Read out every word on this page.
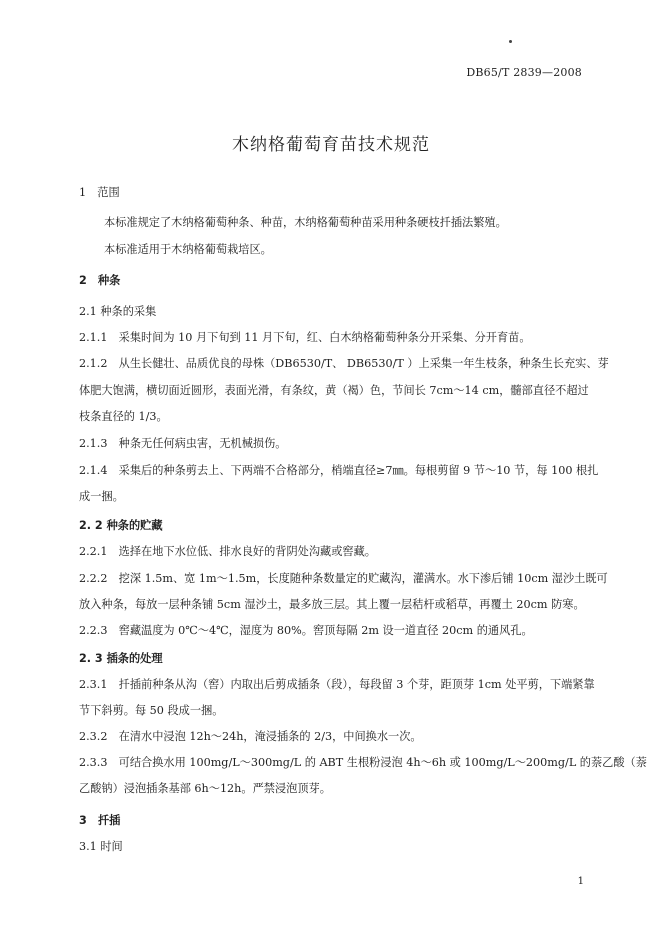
DB65/T 2839—2008
木纳格葡萄育苗技术规范
1　范围
本标准规定了木纳格葡萄种条、种苗，木纳格葡萄种苗采用种条硬枝扦插法繁殖。
本标准适用于木纳格葡萄栽培区。
2　种条
2.1 种条的采集
2.1.1　采集时间为 10 月下旬到 11 月下旬，红、白木纳格葡萄种条分开采集、分开育苗。
2.1.2　从生长健壮、品质优良的母株（DB6530/T、 DB6530/T ）上采集一年生枝条，种条生长充实、芽
体肥大饱满，横切面近圆形，表面光滑，有条纹，黄（褐）色，节间长 7cm～14 cm，髓部直径不超过
枝条直径的 1/3。
2.1.3　种条无任何病虫害，无机械损伤。
2.1.4　采集后的种条剪去上、下两端不合格部分，梢端直径≥7㎜。每根剪留 9 节～10 节，每 100 根扎
成一捆。
2. 2 种条的贮藏
2.2.1　选择在地下水位低、排水良好的背阴处沟藏或窖藏。
2.2.2　挖深 1.5m、宽 1m～1.5m，长度随种条数量定的贮藏沟，灌满水。水下渗后铺 10cm 湿沙土既可
放入种条，每放一层种条铺 5cm 湿沙土，最多放三层。其上覆一层秸杆或稻草，再覆土 20cm 防寒。
2.2.3　窖藏温度为 0℃～4℃，湿度为 80%。窖顶每隔 2m 设一道直径 20cm 的通风孔。
2. 3 插条的处理
2.3.1　扦插前种条从沟（窖）内取出后剪成插条（段），每段留 3 个芽，距顶芽 1cm 处平剪，下端紧靠
节下斜剪。每 50 段成一捆。
2.3.2　在清水中浸泡 12h～24h，淹浸插条的 2/3，中间换水一次。
2.3.3　可结合换水用 100mg/L～300mg/L 的 ABT 生根粉浸泡 4h～6h 或 100mg/L～200mg/L 的萘乙酸（萘
乙酸钠）浸泡插条基部 6h～12h。严禁浸泡顶芽。
3　扦插
3.1 时间
1
